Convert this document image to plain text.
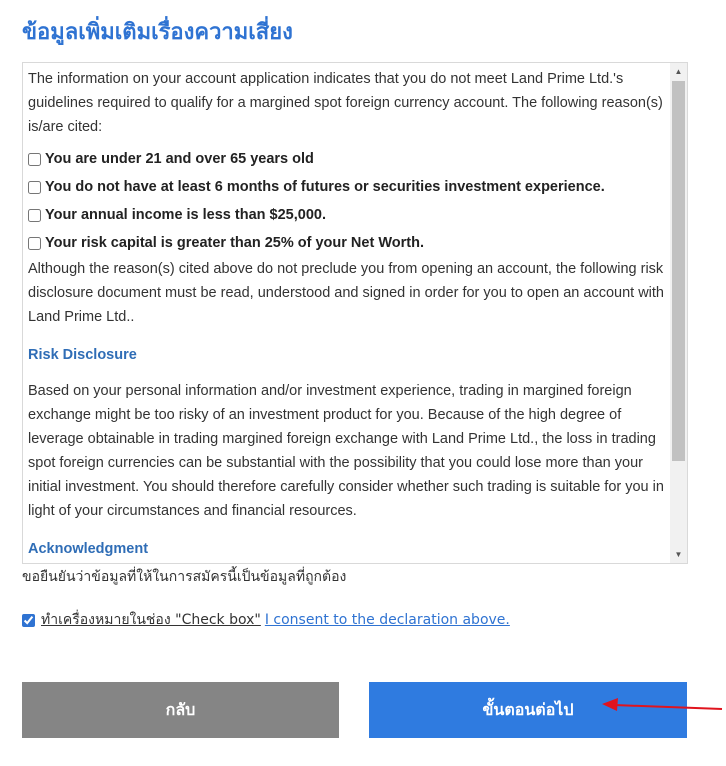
ข้อมูลเพิ่มเติมเรื่องความเสี่ยง

The information on your account application indicates that you do not meet Land Prime Ltd.'s guidelines required to qualify for a margined spot foreign currency account. The following reason(s) is/are cited:

You are under 21 and over 65 years old
You do not have at least 6 months of futures or securities investment experience.
Your annual income is less than $25,000.
Your risk capital is greater than 25% of your Net Worth.

Although the reason(s) cited above do not preclude you from opening an account, the following risk disclosure document must be read, understood and signed in order for you to open an account with Land Prime Ltd..

Risk Disclosure

Based on your personal information and/or investment experience, trading in margined foreign exchange might be too risky of an investment product for you. Because of the high degree of leverage obtainable in trading margined foreign exchange with Land Prime Ltd., the loss in trading spot foreign currencies can be substantial with the possibility that you could lose more than your initial investment. You should therefore carefully consider whether such trading is suitable for you in light of your circumstances and financial resources.

Acknowledgment
▲
▼
ขอยืนยันว่าข้อมูลที่ให้ในการสมัครนี้เป็นข้อมูลที่ถูกต้อง
ทำเครื่องหมายในช่อง "Check box" I consent to the declaration above.
กลับ	ขั้นตอนต่อไป
